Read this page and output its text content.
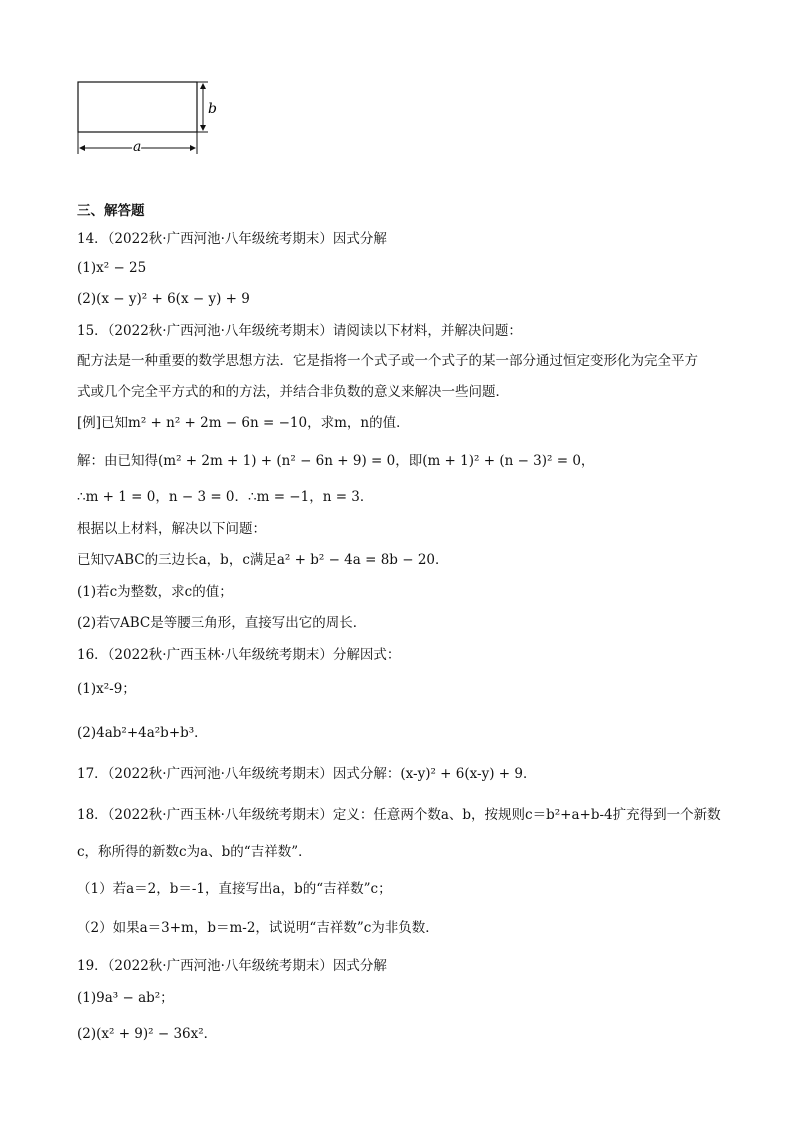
b
a
三、解答题
14．（2022秋·广西河池·八年级统考期末）因式分解
(1)x² − 25
(2)(x − y)² + 6(x − y) + 9
15．（2022秋·广西河池·八年级统考期末）请阅读以下材料，并解决问题：
配方法是一种重要的数学思想方法．它是指将一个式子或一个式子的某一部分通过恒定变形化为完全平方
式或几个完全平方式的和的方法，并结合非负数的意义来解决一些问题．
[例]已知m² + n² + 2m − 6n = −10，求m，n的值．
解：由已知得(m² + 2m + 1) + (n² − 6n + 9) = 0，即(m + 1)² + (n − 3)² = 0，
∴m + 1 = 0，n − 3 = 0．∴m = −1，n = 3．
根据以上材料，解决以下问题：
已知▽ABC的三边长a，b，c满足a² + b² − 4a = 8b − 20．
(1)若c为整数，求c的值；
(2)若▽ABC是等腰三角形，直接写出它的周长．
16．（2022秋·广西玉林·八年级统考期末）分解因式：
(1)x²-9；
(2)4ab²+4a²b+b³．
17．（2022秋·广西河池·八年级统考期末）因式分解：(x-y)² + 6(x-y) + 9．
18．（2022秋·广西玉林·八年级统考期末）定义：任意两个数a、b，按规则c＝b²+a+b-4扩充得到一个新数
c，称所得的新数c为a、b的“吉祥数”．
（1）若a＝2，b＝-1，直接写出a，b的“吉祥数”c；
（2）如果a＝3+m，b＝m-2，试说明“吉祥数”c为非负数．
19．（2022秋·广西河池·八年级统考期末）因式分解
(1)9a³ − ab²；
(2)(x² + 9)² − 36x²．
